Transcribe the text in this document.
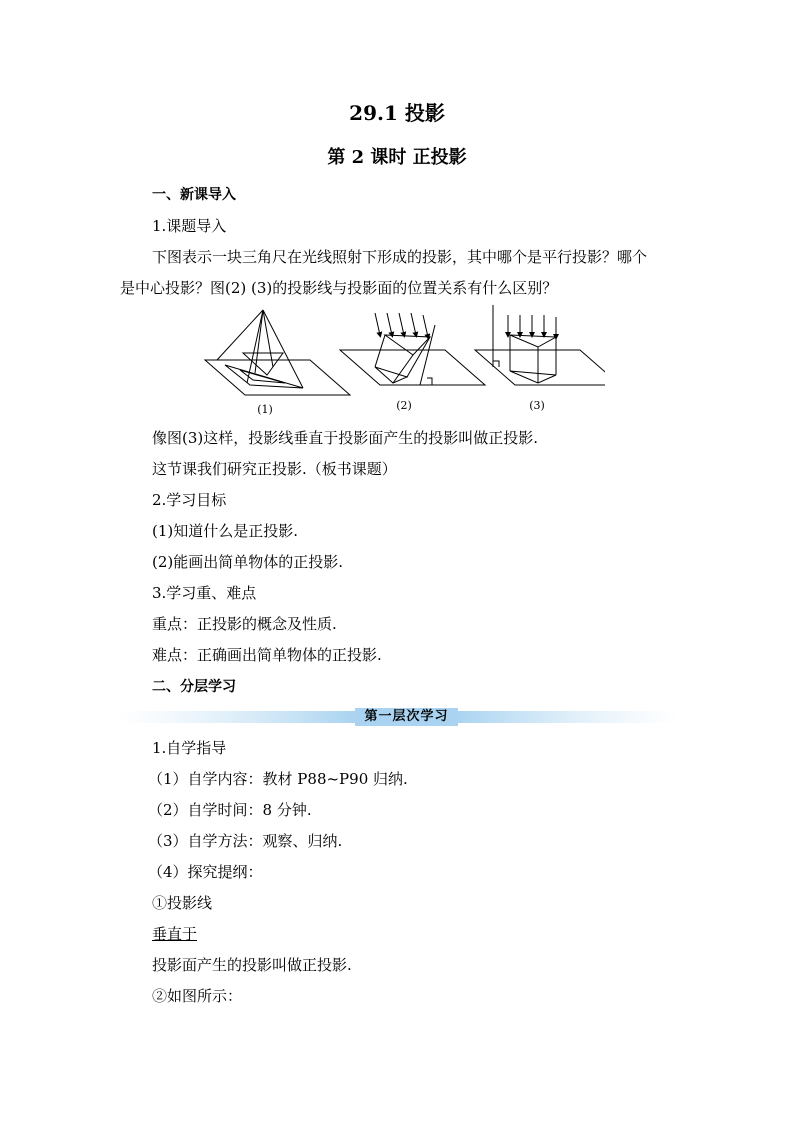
29.1 投影
第 2 课时 正投影
一、新课导入
1.课题导入
下图表示一块三角尺在光线照射下形成的投影，其中哪个是平行投影？哪个
是中心投影？图(2) (3)的投影线与投影面的位置关系有什么区别？
(1)	(2)	(3)
像图(3)这样，投影线垂直于投影面产生的投影叫做正投影.
这节课我们研究正投影.（板书课题）
2.学习目标
(1)知道什么是正投影.
(2)能画出简单物体的正投影.
3.学习重、难点
重点：正投影的概念及性质.
难点：正确画出简单物体的正投影.
二、分层学习
第一层次学习
1.自学指导
（1）自学内容：教材 P88~P90 归纳.
（2）自学时间：8 分钟.
（3）自学方法：观察、归纳.
（4）探究提纲：
①投影线
垂直于
投影面产生的投影叫做正投影.
②如图所示：
